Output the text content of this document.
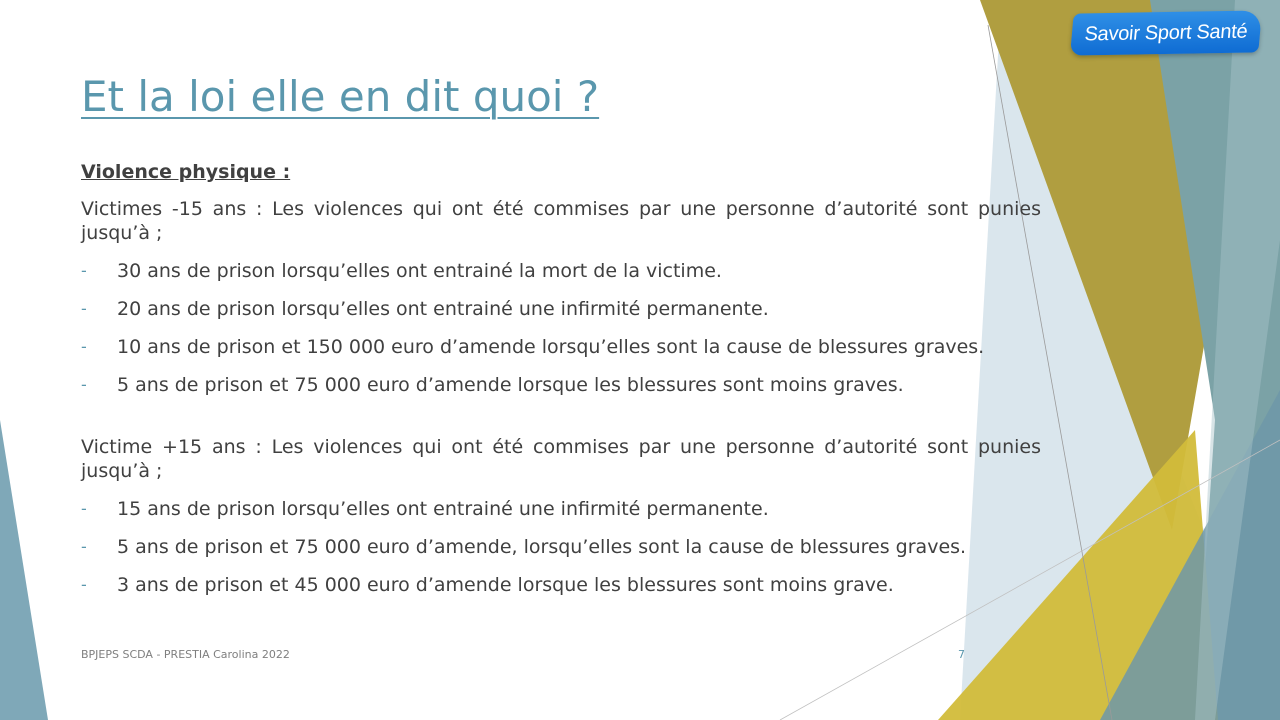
Savoir Sport Santé
Et la loi elle en dit quoi ?
Violence physique :
Victimes -15 ans : Les violences qui ont été commises par une personne d’autorité sont punies jusqu’à ;
- 30 ans de prison lorsqu’elles ont entrainé la mort de la victime.
- 20 ans de prison lorsqu’elles ont entrainé une infirmité permanente.
- 10 ans de prison et 150 000 euro d’amende lorsqu’elles sont la cause de blessures graves.
- 5 ans de prison et 75 000 euro d’amende lorsque les blessures sont moins graves.
Victime +15 ans : Les violences qui ont été commises par une personne d’autorité sont punies jusqu’à ;
- 15 ans de prison lorsqu’elles ont entrainé une infirmité permanente.
- 5 ans de prison et 75 000 euro d’amende, lorsqu’elles sont la cause de blessures graves.
- 3 ans de prison et 45 000 euro d’amende lorsque les blessures sont moins grave.
BPJEPS SCDA - PRESTIA Carolina 2022	7
